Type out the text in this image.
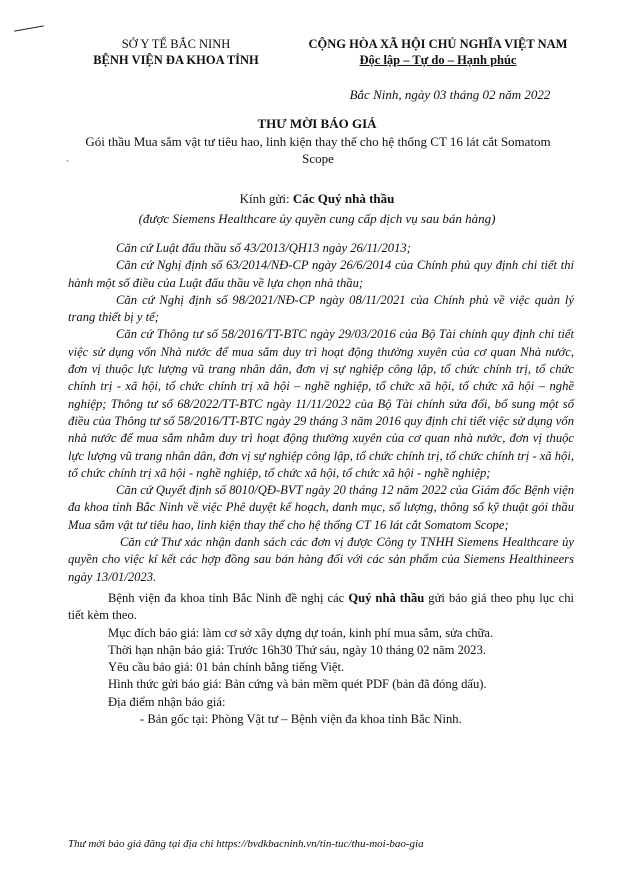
SỞ Y TẾ BẮC NINH
BỆNH VIỆN ĐA KHOA TỈNH
CỘNG HÒA XÃ HỘI CHỦ NGHĨA VIỆT NAM
Độc lập – Tự do – Hạnh phúc
Bắc Ninh, ngày 03 tháng 02 năm 2022
THƯ MỜI BÁO GIÁ
Gói thầu Mua sắm vật tư tiêu hao, linh kiện thay thế cho hệ thống CT 16 lát cắt Somatom Scope
`
Kính gửi: Các Quý nhà thầu
(được Siemens Healthcare ủy quyền cung cấp dịch vụ sau bán hàng)

Căn cứ Luật đấu thầu số 43/2013/QH13 ngày 26/11/2013;

Căn cứ Nghị định số 63/2014/NĐ-CP ngày 26/6/2014 của Chính phủ quy định chi tiết thi hành một số điều của Luật đấu thầu về lựa chọn nhà thầu;

Căn cứ Nghị định số 98/2021/NĐ-CP ngày 08/11/2021 của Chính phủ về việc quản lý trang thiết bị y tế;

Căn cứ Thông tư số 58/2016/TT-BTC ngày 29/03/2016 của Bộ Tài chính quy định chi tiết việc sử dụng vốn Nhà nước để mua sắm duy trì hoạt động thường xuyên của cơ quan Nhà nước, đơn vị thuộc lực lượng vũ trang nhân dân, đơn vị sự nghiệp công lập, tổ chức chính trị, tổ chức chính trị - xã hội, tổ chức chính trị xã hội – nghề nghiệp, tổ chức xã hội, tổ chức xã hội – nghề nghiệp; Thông tư số 68/2022/TT-BTC ngày 11/11/2022 của Bộ Tài chính sửa đổi, bổ sung một số điều của Thông tư số 58/2016/TT-BTC ngày 29 tháng 3 năm 2016 quy định chi tiết việc sử dụng vốn nhà nước để mua sắm nhằm duy trì hoạt động thường xuyên của cơ quan nhà nước, đơn vị thuộc lực lượng vũ trang nhân dân, đơn vị sự nghiệp công lập, tổ chức chính trị, tổ chức chính trị - xã hội, tổ chức chính trị xã hội - nghề nghiệp, tổ chức xã hội, tổ chức xã hội - nghề nghiệp;

Căn cứ Quyết định số 8010/QĐ-BVT ngày 20 tháng 12 năm 2022 của Giám đốc Bệnh viện đa khoa tỉnh Bắc Ninh về việc Phê duyệt kế hoạch, danh mục, số lượng, thông số kỹ thuật gói thầu Mua sắm vật tư tiêu hao, linh kiện thay thế cho hệ thống CT 16 lát cắt Somatom Scope;

Căn cứ Thư xác nhận danh sách các đơn vị được Công ty TNHH Siemens Healthcare ủy quyền cho việc kí kết các hợp đồng sau bán hàng đối với các sản phẩm của Siemens Healthineers ngày 13/01/2023.

Bệnh viện đa khoa tỉnh Bắc Ninh đề nghị các Quý nhà thầu gửi báo giá theo phụ lục chi tiết kèm theo.

Mục đích báo giá: làm cơ sở xây dựng dự toán, kinh phí mua sắm, sửa chữa.

Thời hạn nhận báo giá: Trước 16h30 Thứ sáu, ngày 10 tháng 02 năm 2023.

Yêu cầu báo giá: 01 bản chính bằng tiếng Việt.

Hình thức gửi báo giá: Bản cứng và bản mềm quét PDF (bản đã đóng dấu).

Địa điểm nhận báo giá:

- Bản gốc tại: Phòng Vật tư – Bệnh viện đa khoa tỉnh Bắc Ninh.

Thư mời báo giá đăng tại địa chỉ https://bvdkbacninh.vn/tin-tuc/thu-moi-bao-gia
